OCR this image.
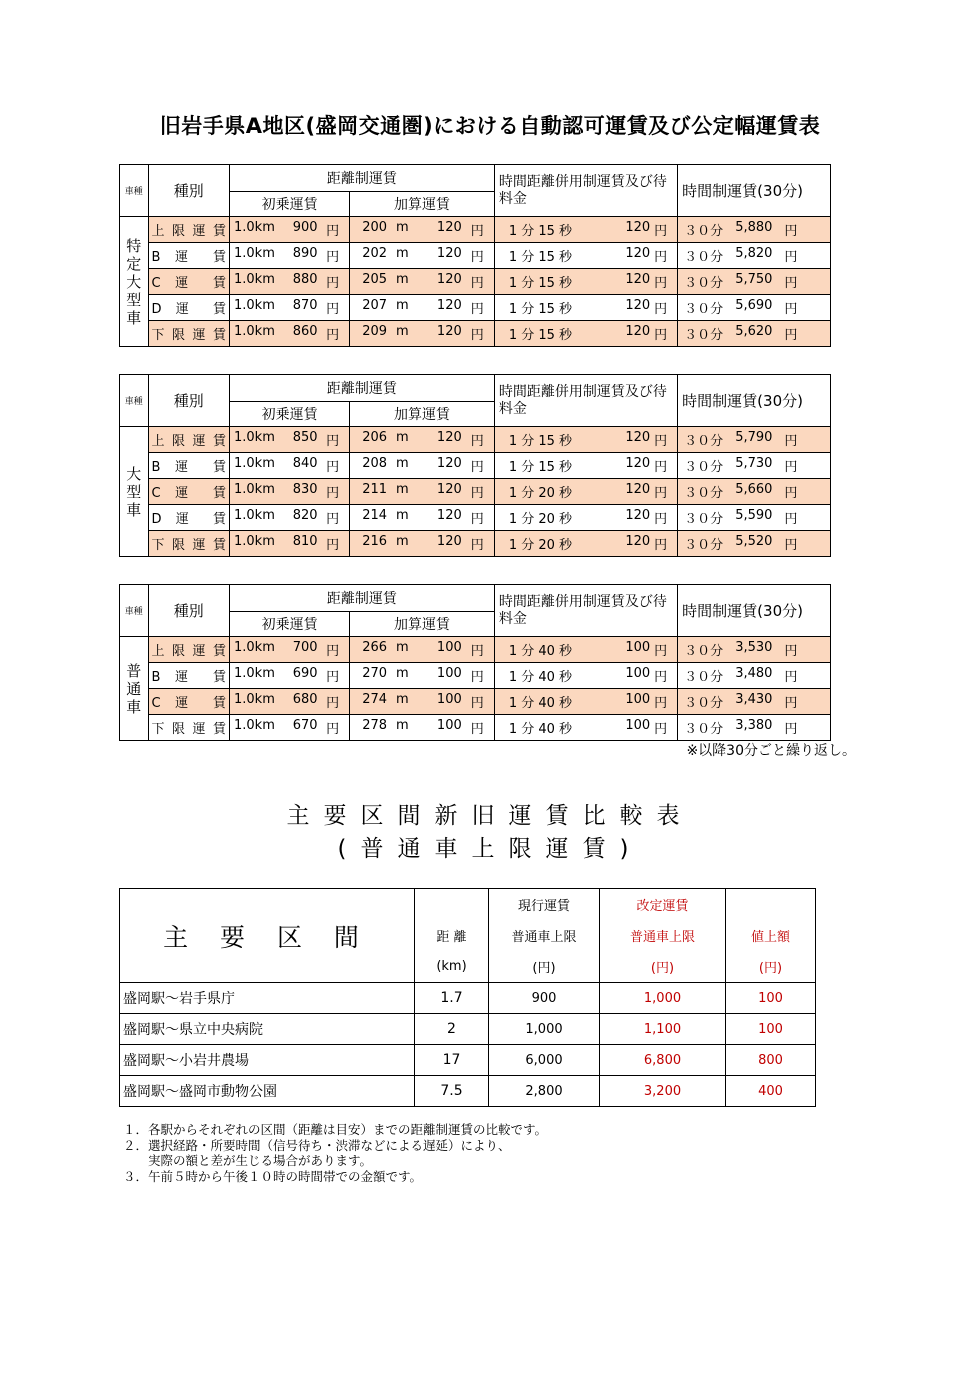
旧岩手県A地区(盛岡交通圏)における自動認可運賃及び公定幅運賃表
車種	種別	距離制運賃		時間距離併用制運賃及び待料金	時間制運賃(30分)
		初乗運賃	加算運賃		
特定大型車	上限運賃	1.0km 900 円	200 m 120 円	1 分 15 秒 120 円	３０分 5,880 円

	B 運 賃	1.0km 890 円	202 m 120 円	1 分 15 秒 120 円	３０分 5,820 円

	C 運 賃	1.0km 880 円	205 m 120 円	1 分 15 秒 120 円	３０分 5,750 円

	D 運 賃	1.0km 870 円	207 m 120 円	1 分 15 秒 120 円	３０分 5,690 円

	下限運賃	1.0km 860 円	209 m 120 円	1 分 15 秒 120 円	３０分 5,620 円
車種	種別	距離制運賃		時間距離併用制運賃及び待料金	時間制運賃(30分)
		初乗運賃	加算運賃		
大型車	上限運賃	1.0km 850 円	206 m 120 円	1 分 15 秒 120 円	３０分 5,790 円

	B 運 賃	1.0km 840 円	208 m 120 円	1 分 15 秒 120 円	３０分 5,730 円

	C 運 賃	1.0km 830 円	211 m 120 円	1 分 20 秒 120 円	３０分 5,660 円

	D 運 賃	1.0km 820 円	214 m 120 円	1 分 20 秒 120 円	３０分 5,590 円

	下限運賃	1.0km 810 円	216 m 120 円	1 分 20 秒 120 円	３０分 5,520 円
車種	種別	距離制運賃		時間距離併用制運賃及び待料金	時間制運賃(30分)
		初乗運賃	加算運賃		
普通車	上限運賃	1.0km 700 円	266 m 100 円	1 分 40 秒 100 円	３０分 3,530 円

	B 運 賃	1.0km 690 円	270 m 100 円	1 分 40 秒 100 円	３０分 3,480 円

	C 運 賃	1.0km 680 円	274 m 100 円	1 分 40 秒 100 円	３０分 3,430 円

	下限運賃	1.0km 670 円	278 m 100 円	1 分 40 秒 100 円	３０分 3,380 円
※以降30分ごと繰り返し。
主要区間新旧運賃比較表
(普通車上限運賃)
主 要 区 間		現行運賃	改定運賃	
	距 離	普通車上限	普通車上限	値上額
	(km)	(円)	(円)	(円)
盛岡駅～岩手県庁	1.7	900	1,000	100
盛岡駅～県立中央病院	2	1,000	1,100	100
盛岡駅～小岩井農場	17	6,000	6,800	800
盛岡駅～盛岡市動物公園	7.5	2,800	3,200	400
１．各駅からそれぞれの区間（距離は目安）までの距離制運賃の比較です。
２．選択経路・所要時間（信号待ち・渋滞などによる遅延）により、
　　実際の額と差が生じる場合があります。
３．午前５時から午後１０時の時間帯での金額です。
